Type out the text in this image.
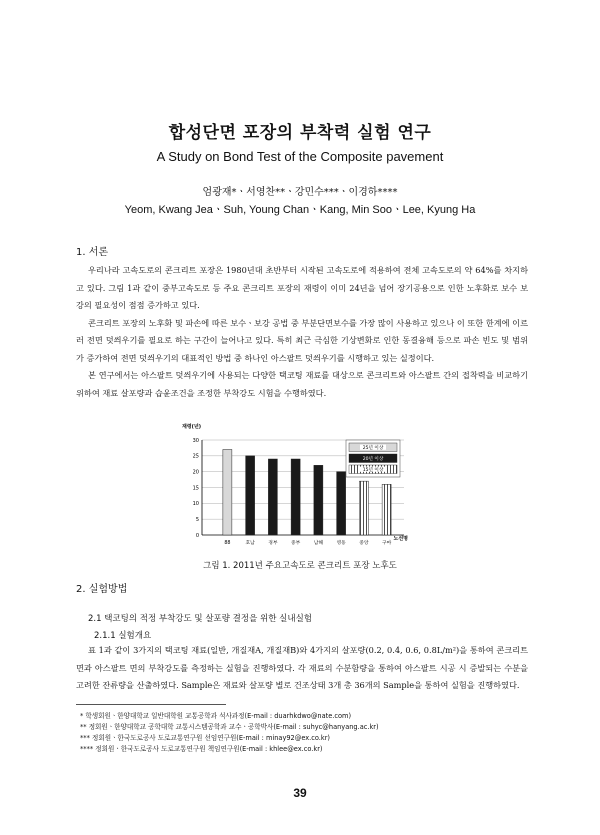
합성단면 포장의 부착력 실험 연구
A Study on Bond Test of the Composite pavement
엄광재*ㆍ서영찬**ㆍ강민수***ㆍ이경하****
Yeom, Kwang JeaㆍSuh, Young ChanㆍKang, Min SooㆍLee, Kyung Ha
1. 서론

우리나라 고속도로의 콘크리트 포장은 1980년대 초반부터 시작된 고속도로에 적용하여 전체 고속도로의 약 64%를 차지하고 있다. 그림 1과 같이 중부고속도로 등 주요 콘크리트 포장의 재령이 이미 24년을 넘어 장기공용으로 인한 노후화로 보수 보강의 필요성이 점점 증가하고 있다.

콘크리트 포장의 노후화 및 파손에 따른 보수ㆍ보강 공법 중 부분단면보수를 가장 많이 사용하고 있으나 이 또한 한계에 이르러 전면 덧씌우기를 필요로 하는 구간이 늘어나고 있다. 특히 최근 극심한 기상변화로 인한 동결융해 등으로 파손 빈도 및 범위가 증가하여 전면 덧씌우기의 대표적인 방법 중 하나인 아스팔트 덧씌우기를 시행하고 있는 실정이다.

본 연구에서는 아스팔트 덧씌우기에 사용되는 다양한 택코팅 재료를 대상으로 콘크리트와 아스팔트 간의 접착력을 비교하기 위하여 재료 살포량과 습윤조건을 조정한 부착강도 시험을 수행하였다.

재령(년)
노선명
0
5
10
15
20
25
30
88	호남	경부	중부	남해	영동	중앙	구마
25년 이상
20년 이상
15년 이상
그림 1. 2011년 주요고속도로 콘크리트 포장 노후도
2. 실험방법
2.1 택코팅의 적정 부착강도 및 살포량 결정을 위한 실내실험
2.1.1 실험개요

표 1과 같이 3가지의 택코팅 재료(일반, 개질재A, 개질재B)와 4가지의 살포량(0.2, 0.4, 0.6, 0.8L/m²)을 통하여 콘크리트 면과 아스팔트 면의 부착강도를 측정하는 실험을 진행하였다. 각 재료의 수분함량을 통하여 아스팔트 시공 시 증발되는 수분을 고려한 잔류량을 산출하였다. Sample은 재료와 살포량 별로 건조상태 3개 총 36개의 Sample을 통하여 실험을 진행하였다.

* 학생회원ㆍ한양대학교 일반대학원 교통공학과 석사과정(E-mail : duarhkdwo@nate.com)
** 정회원ㆍ한양대학교 공학대학 교통시스템공학과 교수ㆍ공학박사(E-mail : suhyc@hanyang.ac.kr)
*** 정회원ㆍ한국도로공사 도로교통연구원 선임연구원(E-mail : minay92@ex.co.kr)
**** 정회원ㆍ한국도로공사 도로교통연구원 책임연구원(E-mail : khlee@ex.co.kr)
39
